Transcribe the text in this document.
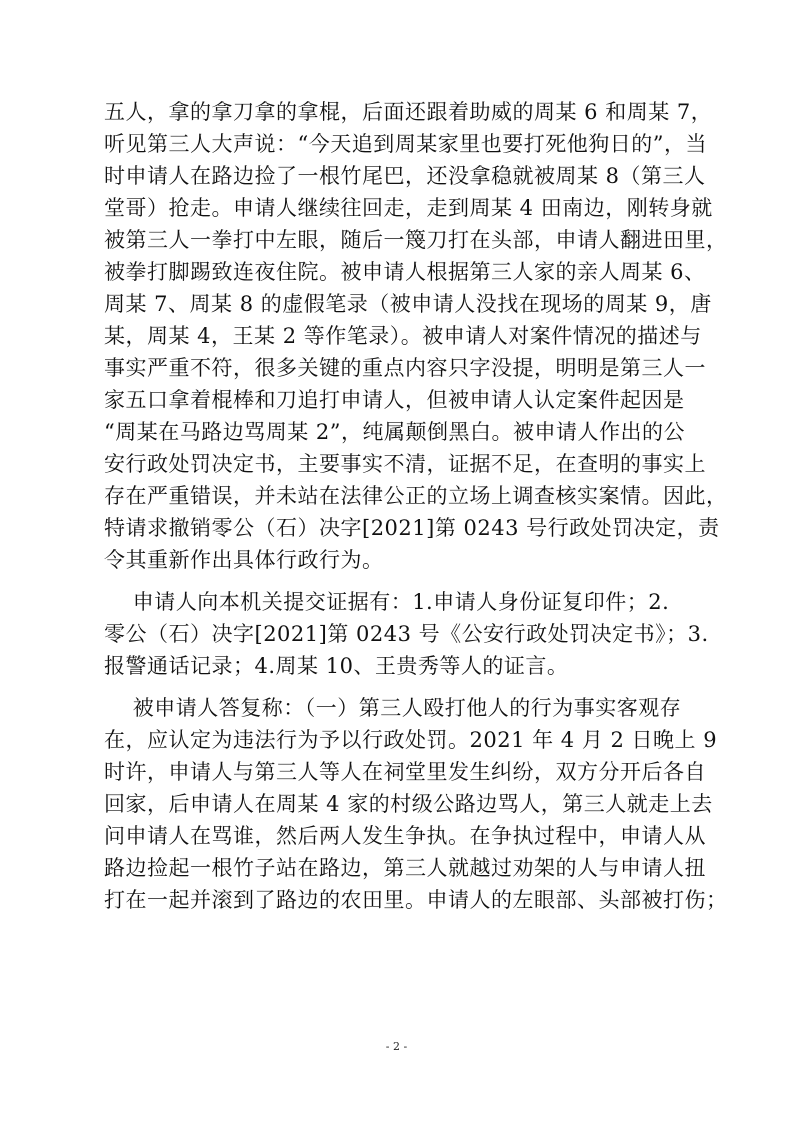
五人，拿的拿刀拿的拿棍，后面还跟着助威的周某 6 和周某 7，
听见第三人大声说：“今天追到周某家里也要打死他狗日的”，当
时申请人在路边捡了一根竹尾巴，还没拿稳就被周某 8（第三人
堂哥）抢走。申请人继续往回走，走到周某 4 田南边，刚转身就
被第三人一拳打中左眼，随后一篾刀打在头部，申请人翻进田里，
被拳打脚踢致连夜住院。被申请人根据第三人家的亲人周某 6、
周某 7、周某 8 的虚假笔录（被申请人没找在现场的周某 9，唐
某，周某 4，王某 2 等作笔录）。被申请人对案件情况的描述与
事实严重不符，很多关键的重点内容只字没提，明明是第三人一
家五口拿着棍棒和刀追打申请人，但被申请人认定案件起因是
“周某在马路边骂周某 2”，纯属颠倒黑白。被申请人作出的公
安行政处罚决定书，主要事实不清，证据不足，在查明的事实上
存在严重错误，并未站在法律公正的立场上调查核实案情。因此，
特请求撤销零公（石）决字[2021]第 0243 号行政处罚决定，责
令其重新作出具体行政行为。
申请人向本机关提交证据有：1.申请人身份证复印件；2.
零公（石）决字[2021]第 0243 号《公安行政处罚决定书》；3.
报警通话记录；4.周某 10、王贵秀等人的证言。
被申请人答复称：（一）第三人殴打他人的行为事实客观存
在，应认定为违法行为予以行政处罚。2021 年 4 月 2 日晚上 9
时许，申请人与第三人等人在祠堂里发生纠纷，双方分开后各自
回家，后申请人在周某 4 家的村级公路边骂人，第三人就走上去
问申请人在骂谁，然后两人发生争执。在争执过程中，申请人从
路边捡起一根竹子站在路边，第三人就越过劝架的人与申请人扭
打在一起并滚到了路边的农田里。申请人的左眼部、头部被打伤；
- 2 -
